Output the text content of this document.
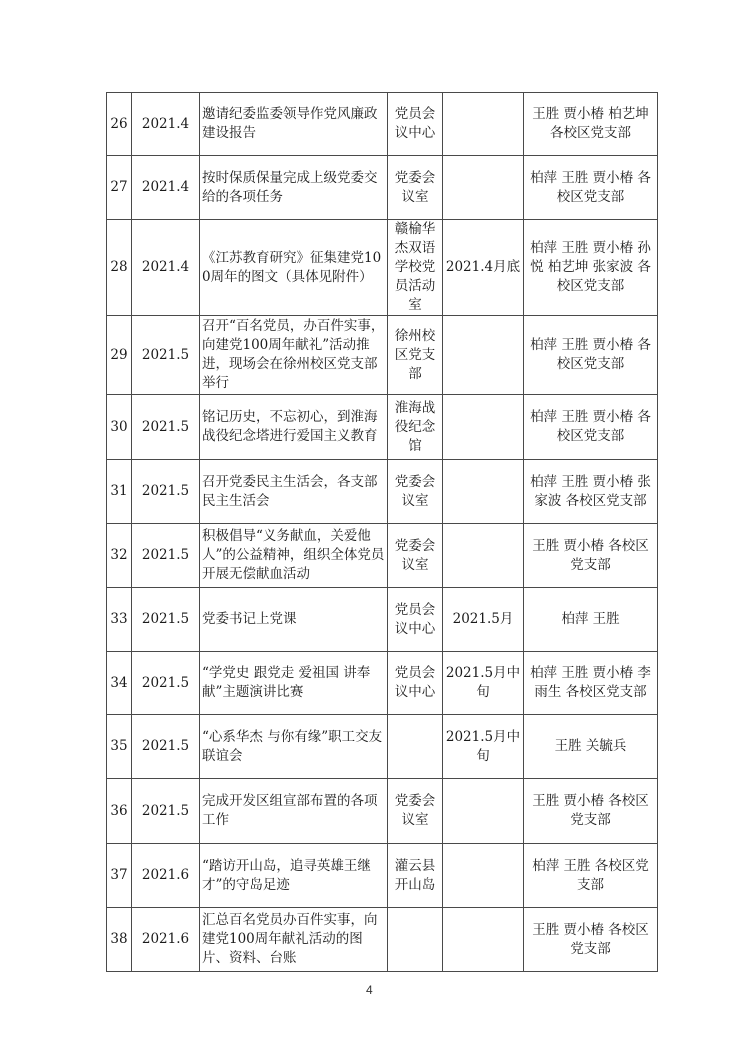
26	2021.4	邀请纪委监委领导作党风廉政建设报告	党员会议中心		王胜 贾小椿 柏艺坤 各校区党支部
27	2021.4	按时保质保量完成上级党委交给的各项任务	党委会议室		柏萍 王胜 贾小椿 各校区党支部
28	2021.4	《江苏教育研究》征集建党100周年的图文（具体见附件）	赣榆华杰双语学校党员活动室	2021.4月底	柏萍 王胜 贾小椿 孙悦 柏艺坤 张家波 各校区党支部
29	2021.5	召开“百名党员，办百件实事，向建党100周年献礼”活动推进，现场会在徐州校区党支部举行	徐州校区党支部		柏萍 王胜 贾小椿 各校区党支部
30	2021.5	铭记历史，不忘初心，到淮海战役纪念塔进行爱国主义教育	淮海战役纪念馆		柏萍 王胜 贾小椿 各校区党支部
31	2021.5	召开党委民主生活会，各支部民主生活会	党委会议室		柏萍 王胜 贾小椿 张家波 各校区党支部
32	2021.5	积极倡导“义务献血，关爱他人”的公益精神，组织全体党员开展无偿献血活动	党委会议室		王胜 贾小椿 各校区党支部
33	2021.5	党委书记上党课	党员会议中心	2021.5月	柏萍 王胜
34	2021.5	“学党史 跟党走 爱祖国 讲奉献”主题演讲比赛	党员会议中心	2021.5月中旬	柏萍 王胜 贾小椿 李雨生 各校区党支部
35	2021.5	“心系华杰 与你有缘”职工交友联谊会		2021.5月中旬	王胜 关毓兵
36	2021.5	完成开发区组宣部布置的各项工作	党委会议室		王胜 贾小椿 各校区党支部
37	2021.6	“踏访开山岛，追寻英雄王继才”的守岛足迹	灌云县开山岛		柏萍 王胜 各校区党支部
38	2021.6	汇总百名党员办百件实事，向建党100周年献礼活动的图片、资料、台账			王胜 贾小椿 各校区党支部
4
